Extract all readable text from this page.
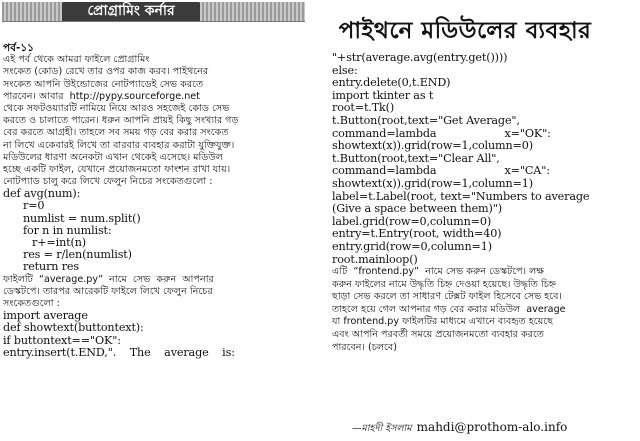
প্রোগ্রামিং কর্নার
পাইথনে মডিউলের ব্যবহার
পর্ব-১১
এই পর্ব থেকে আমরা ফাইলে প্রোগ্রামিং
সংকেত (কোড) রেখে তার ওপর কাজ করব। পাইথনের
সংকেত আপনি উইন্ডোজের নোটপ্যাডেই সেভ করতে
পারবেন। আবার  http://pypy.sourceforge.net
থেকে সফটওয়্যারটি নামিয়ে নিয়ে আরও সহজেই কোড সেভ
করতে ও চালাতে পারেন। ধরুন আপনি প্রায়ই কিছু সংখ্যার গড়
বের করতে আগ্রহী। তাহলে সব সময় গড় বের করার সংকেত
না লিখে একেবারই লিখে তা বারবার ব্যবহার করাটা যুক্তিযুক্ত।
মডিউলের ধারণা অনেকটা এখান থেকেই এসেছে। মডিউল
হচ্ছে একটি ফাইল, যেখানে প্রয়োজনমতো ফাংশন রাখা যায়।
নোটপ্যাড চালু করে লিখে ফেলুন নিচের সংকেতগুলো :
def avg(num):
r=0
numlist = num.split()
for n in numlist:
r+=int(n)
res = r/len(numlist)
return res
ফাইলটি  “average.py”  নামে  সেভ  করুন  আপনার
ডেস্কটপে। তারপর আরেকটি ফাইলে লিখে ফেলুন নিচের
সংকেতগুলো :
import average
def showtext(buttontext):
if buttontext=="OK":
entry.insert(t.END,".    The    average    is:
"+str(average.avg(entry.get())))
else:
entry.delete(0,t.END)
import tkinter as t
root=t.Tk()
t.Button(root,text="Get Average",
command=lambda                    x="OK":
showtext(x)).grid(row=1,column=0)
t.Button(root,text="Clear All",
command=lambda                    x="CA":
showtext(x)).grid(row=1,column=1)
label=t.Label(root, text="Numbers to average
(Give a space between them)")
label.grid(row=0,column=0)
entry=t.Entry(root, width=40)
entry.grid(row=0,column=1)
root.mainloop()
এটি  “frontend.py”  নামে সেভ করুন ডেস্কটপে। লক্ষ
করুন ফাইলের নামে উদ্ধৃতি চিহ্ন দেওয়া হয়েছে। উদ্ধৃতি চিহ্ন
ছাড়া সেভ করলে তা সাধারণ টেক্সট ফাইল হিসেবে সেভ হবে।
তাহলে হয়ে গেল আপনার গড় বের করার মডিউল  average
যা frontend.py ফাইলটির মাধ্যমে এখানে ব্যবহৃত হয়েছে
এবং আপনি পরবর্তী সময়ে প্রয়োজনমতো ব্যবহার করতে
পারবেন। (চলবে)
—মাহদী ইসলাম mahdi@prothom-alo.info
